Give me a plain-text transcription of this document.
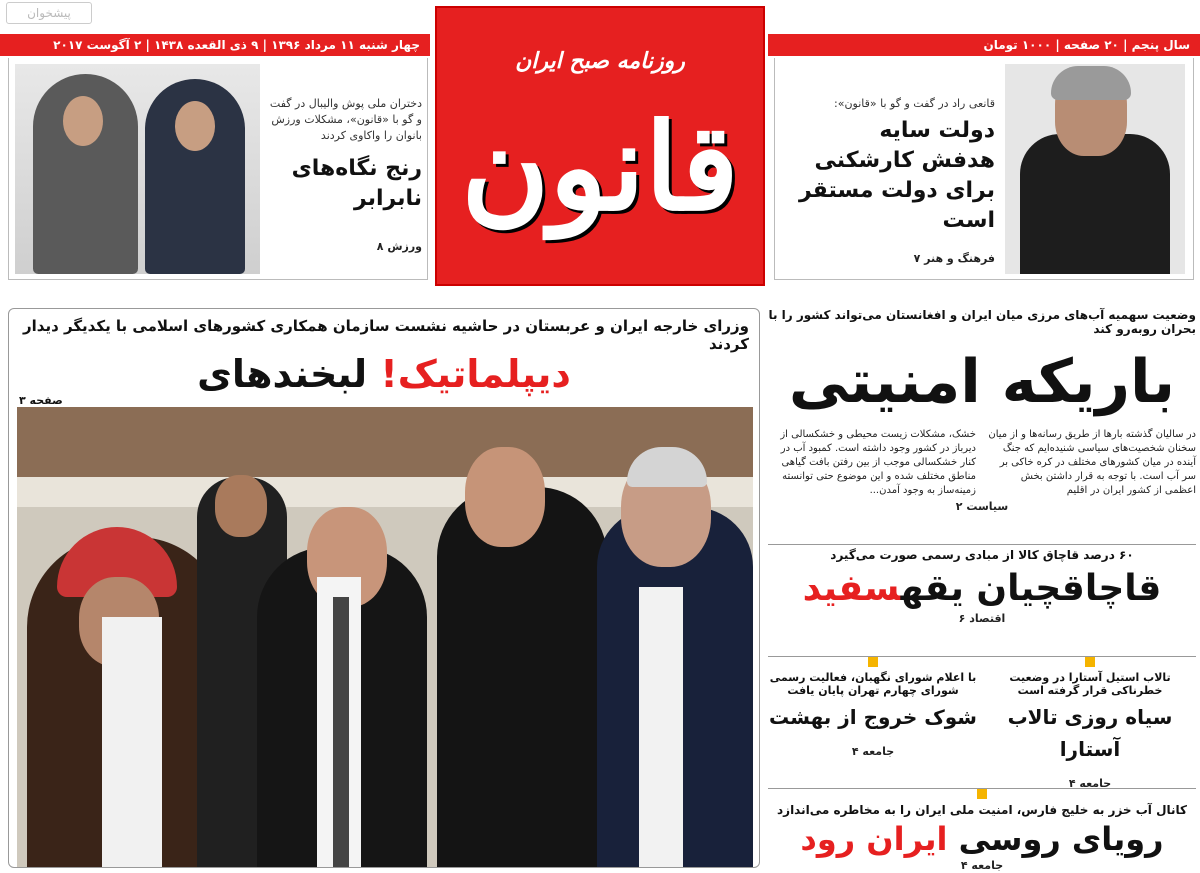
پیشخوان
روزنامه صبح ایران
قانون
چهار شنبه ۱۱ مرداد ۱۳۹۶ | ۹ ذی القعده ۱۴۳۸ | ۲ آگوست ۲۰۱۷	سال پنجم | ۲۰ صفحه | ۱۰۰۰ تومان
دختران ملی پوش والیبال در گفت و گو با «قانون»، مشکلات ورزش بانوان را واکاوی کردند
رنج نگاه‌های
نابرابر
ورزش ۸
قانعی راد در گفت و گو با «قانون»:
دولت سایه
هدفش کارشکنی
برای دولت مستقر است
فرهنگ و هنر ۷
وزرای خارجه ایران و عربستان در حاشیه نشست سازمان همکاری کشورهای اسلامی با یکدیگر دیدار کردند
دیپلماتیک! لبخندهای
صفحه ۳
وضعیت سهمیه آب‌های مرزی میان ایران و افغانستان می‌تواند کشور را با بحران روبه‌رو کند
باریکه امنیتی
در سالیان گذشته بارها از طریق رسانه‌ها و از میان سخنان شخصیت‌های سیاسی شنیده‌ایم که جنگ آینده در میان کشورهای مختلف در کره خاکی بر سر آب است. با توجه به قرار داشتن بخش اعظمی از کشور ایران در اقلیم
خشک، مشکلات زیست محیطی و خشکسالی از دیرباز در کشور وجود داشته است. کمبود آب در کنار خشکسالی موجب از بین رفتن بافت گیاهی مناطق مختلف شده و این موضوع حتی توانسته زمینه‌ساز به وجود آمدن...
سیاست ۲
۶۰ درصد قاچاق کالا از مبادی رسمی صورت می‌گیرد
قاچاقچیان یقهسفید
اقتصاد ۶
تالاب استیل آستارا در وضعیت خطرناکی قرار گرفته است
سیاه روزی تالاب آستارا
جامعه ۴
با اعلام شورای نگهبان، فعالیت رسمی شورای چهارم تهران پایان یافت
شوک خروج از بهشت
جامعه ۴
کانال آب خزر به خلیج فارس، امنیت ملی ایران را به مخاطره می‌اندازد
رویای روسی ایران رود
جامعه ۴
